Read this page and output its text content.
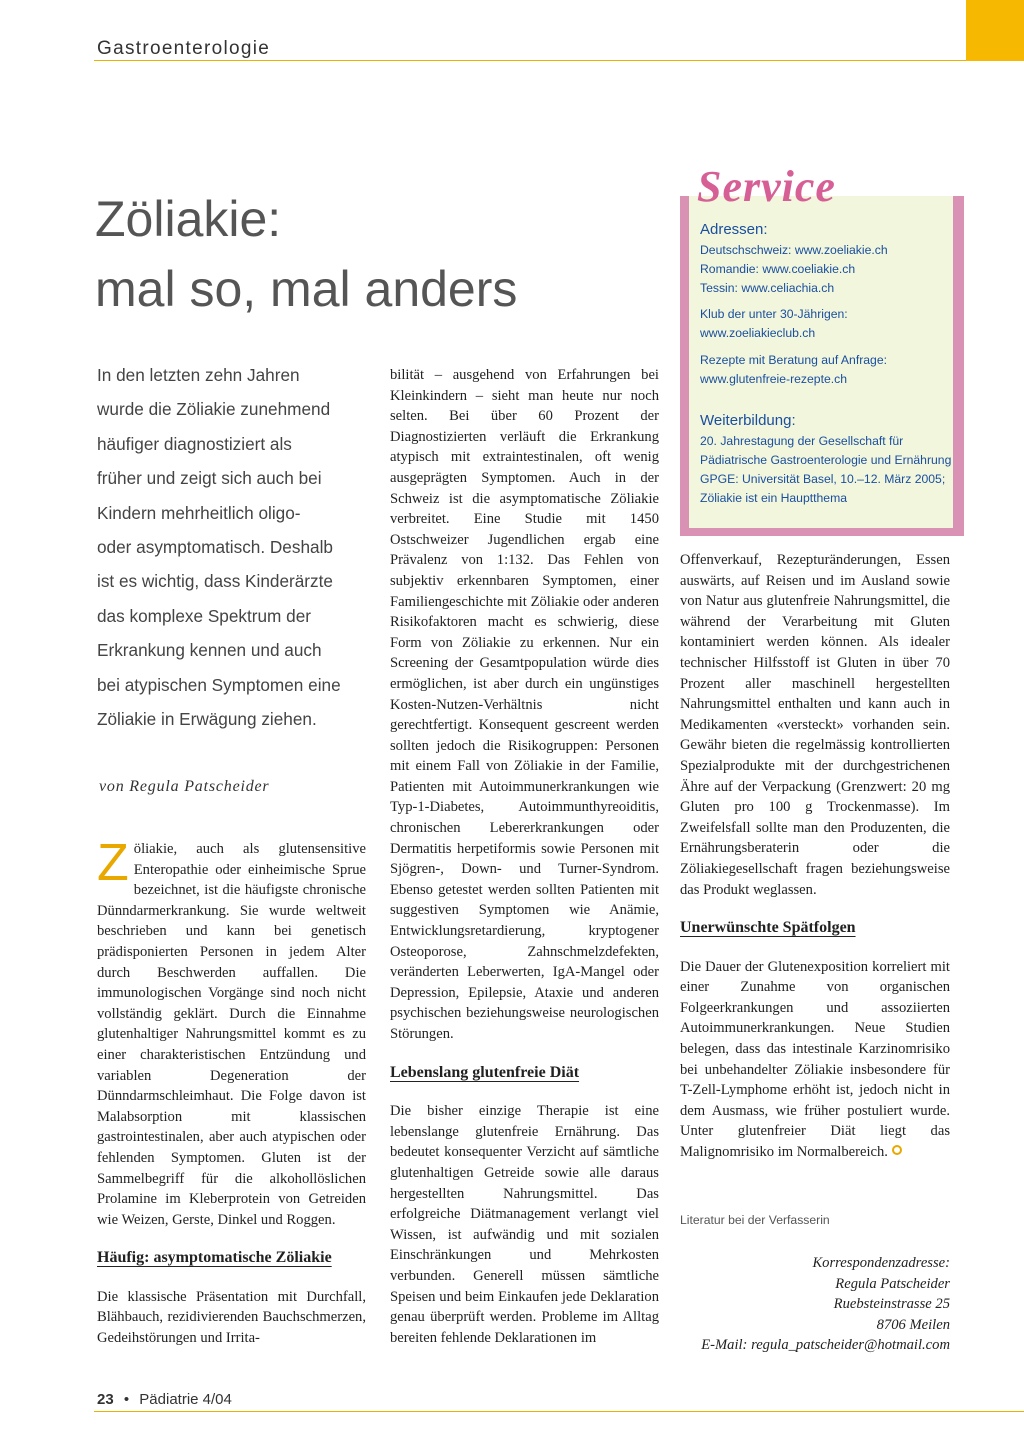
Gastroenterologie
Zöliakie:
mal so, mal anders
In den letzten zehn Jahren
wurde die Zöliakie zunehmend
häufiger diagnostiziert als
früher und zeigt sich auch bei
Kindern mehrheitlich oligo-
oder asymptomatisch. Deshalb
ist es wichtig, dass Kinderärzte
das komplexe Spektrum der
Erkrankung kennen und auch
bei atypischen Symptomen eine
Zöliakie in Erwägung ziehen.
von Regula Patscheider

Zöliakie, auch als glutensensitive Enteropathie oder einheimische Sprue bezeichnet, ist die häufigste chronische Dünndarmerkrankung. Sie wurde weltweit beschrieben und kann bei genetisch prädisponierten Personen in jedem Alter durch Beschwerden auffallen. Die immunologischen Vorgänge sind noch nicht vollständig geklärt. Durch die Einnahme glutenhaltiger Nahrungsmittel kommt es zu einer charakteristischen Entzündung und variablen Degeneration der Dünndarmschleimhaut. Die Folge davon ist Malabsorption mit klassischen gastrointestinalen, aber auch atypischen oder fehlenden Symptomen. Gluten ist der Sammelbegriff für die alkohollöslichen Prolamine im Kleberprotein von Getreiden wie Weizen, Gerste, Dinkel und Roggen.

Häufig: asymptomatische Zöliakie

Die klassische Präsentation mit Durchfall, Blähbauch, rezidivierenden Bauchschmerzen, Gedeihstörungen und Irrita-

bilität – ausgehend von Erfahrungen bei Kleinkindern – sieht man heute nur noch selten. Bei über 60 Prozent der Diagnostizierten verläuft die Erkrankung atypisch mit extraintestinalen, oft wenig ausgeprägten Symptomen. Auch in der Schweiz ist die asymptomatische Zöliakie verbreitet. Eine Studie mit 1450 Ostschweizer Jugendlichen ergab eine Prävalenz von 1:132. Das Fehlen von subjektiv erkennbaren Symptomen, einer Familiengeschichte mit Zöliakie oder anderen Risikofaktoren macht es schwierig, diese Form von Zöliakie zu erkennen. Nur ein Screening der Gesamtpopulation würde dies ermöglichen, ist aber durch ein ungünstiges Kosten-Nutzen-Verhältnis nicht gerechtfertigt. Konsequent gescreent werden sollten jedoch die Risikogruppen: Personen mit einem Fall von Zöliakie in der Familie, Patienten mit Autoimmunerkrankungen wie Typ-1-Diabetes, Autoimmunthyreoiditis, chronischen Lebererkrankungen oder Dermatitis herpetiformis sowie Personen mit Sjögren-, Down- und Turner-Syndrom. Ebenso getestet werden sollten Patienten mit suggestiven Symptomen wie Anämie, Entwicklungsretardierung, kryptogener Osteoporose, Zahnschmelzdefekten, veränderten Leberwerten, IgA-Mangel oder Depression, Epilepsie, Ataxie und anderen psychischen beziehungsweise neurologischen Störungen.

Lebenslang glutenfreie Diät

Die bisher einzige Therapie ist eine lebenslange glutenfreie Ernährung. Das bedeutet konsequenter Verzicht auf sämtliche glutenhaltigen Getreide sowie alle daraus hergestellten Nahrungsmittel. Das erfolgreiche Diätmanagement verlangt viel Wissen, ist aufwändig und mit sozialen Einschränkungen und Mehrkosten verbunden. Generell müssen sämtliche Speisen und beim Einkaufen jede Deklaration genau überprüft werden. Probleme im Alltag bereiten fehlende Deklarationen im

Service
Adressen:
Deutschschweiz: www.zoeliakie.ch
Romandie: www.coeliakie.ch
Tessin: www.celiachia.ch
Klub der unter 30-Jährigen:
www.zoeliakieclub.ch
Rezepte mit Beratung auf Anfrage:
www.glutenfreie-rezepte.ch
Weiterbildung:
20. Jahrestagung der Gesellschaft für
Pädiatrische Gastroenterologie und Ernährung
GPGE: Universität Basel, 10.–12. März 2005;
Zöliakie ist ein Hauptthema

Offenverkauf, Rezepturänderungen, Essen auswärts, auf Reisen und im Ausland sowie von Natur aus glutenfreie Nahrungsmittel, die während der Verarbeitung mit Gluten kontaminiert werden können. Als idealer technischer Hilfsstoff ist Gluten in über 70 Prozent aller maschinell hergestellten Nahrungsmittel enthalten und kann auch in Medikamenten «versteckt» vorhanden sein. Gewähr bieten die regelmässig kontrollierten Spezialprodukte mit der durchgestrichenen Ähre auf der Verpackung (Grenzwert: 20 mg Gluten pro 100 g Trockenmasse). Im Zweifelsfall sollte man den Produzenten, die Ernährungsberaterin oder die Zöliakiegesellschaft fragen beziehungsweise das Produkt weglassen.

Unerwünschte Spätfolgen

Die Dauer der Glutenexposition korreliert mit einer Zunahme von organischen Folgeerkrankungen und assoziierten Autoimmunerkrankungen. Neue Studien belegen, dass das intestinale Karzinomrisiko bei unbehandelter Zöliakie insbesondere für T-Zell-Lymphome erhöht ist, jedoch nicht in dem Ausmass, wie früher postuliert wurde. Unter glutenfreier Diät liegt das Malignomrisiko im Normalbereich.

Literatur bei der Verfasserin
Korrespondenzadresse:
Regula Patscheider
Ruebsteinstrasse 25
8706 Meilen
E-Mail: regula_patscheider@hotmail.com
23 • Pädiatrie 4/04
